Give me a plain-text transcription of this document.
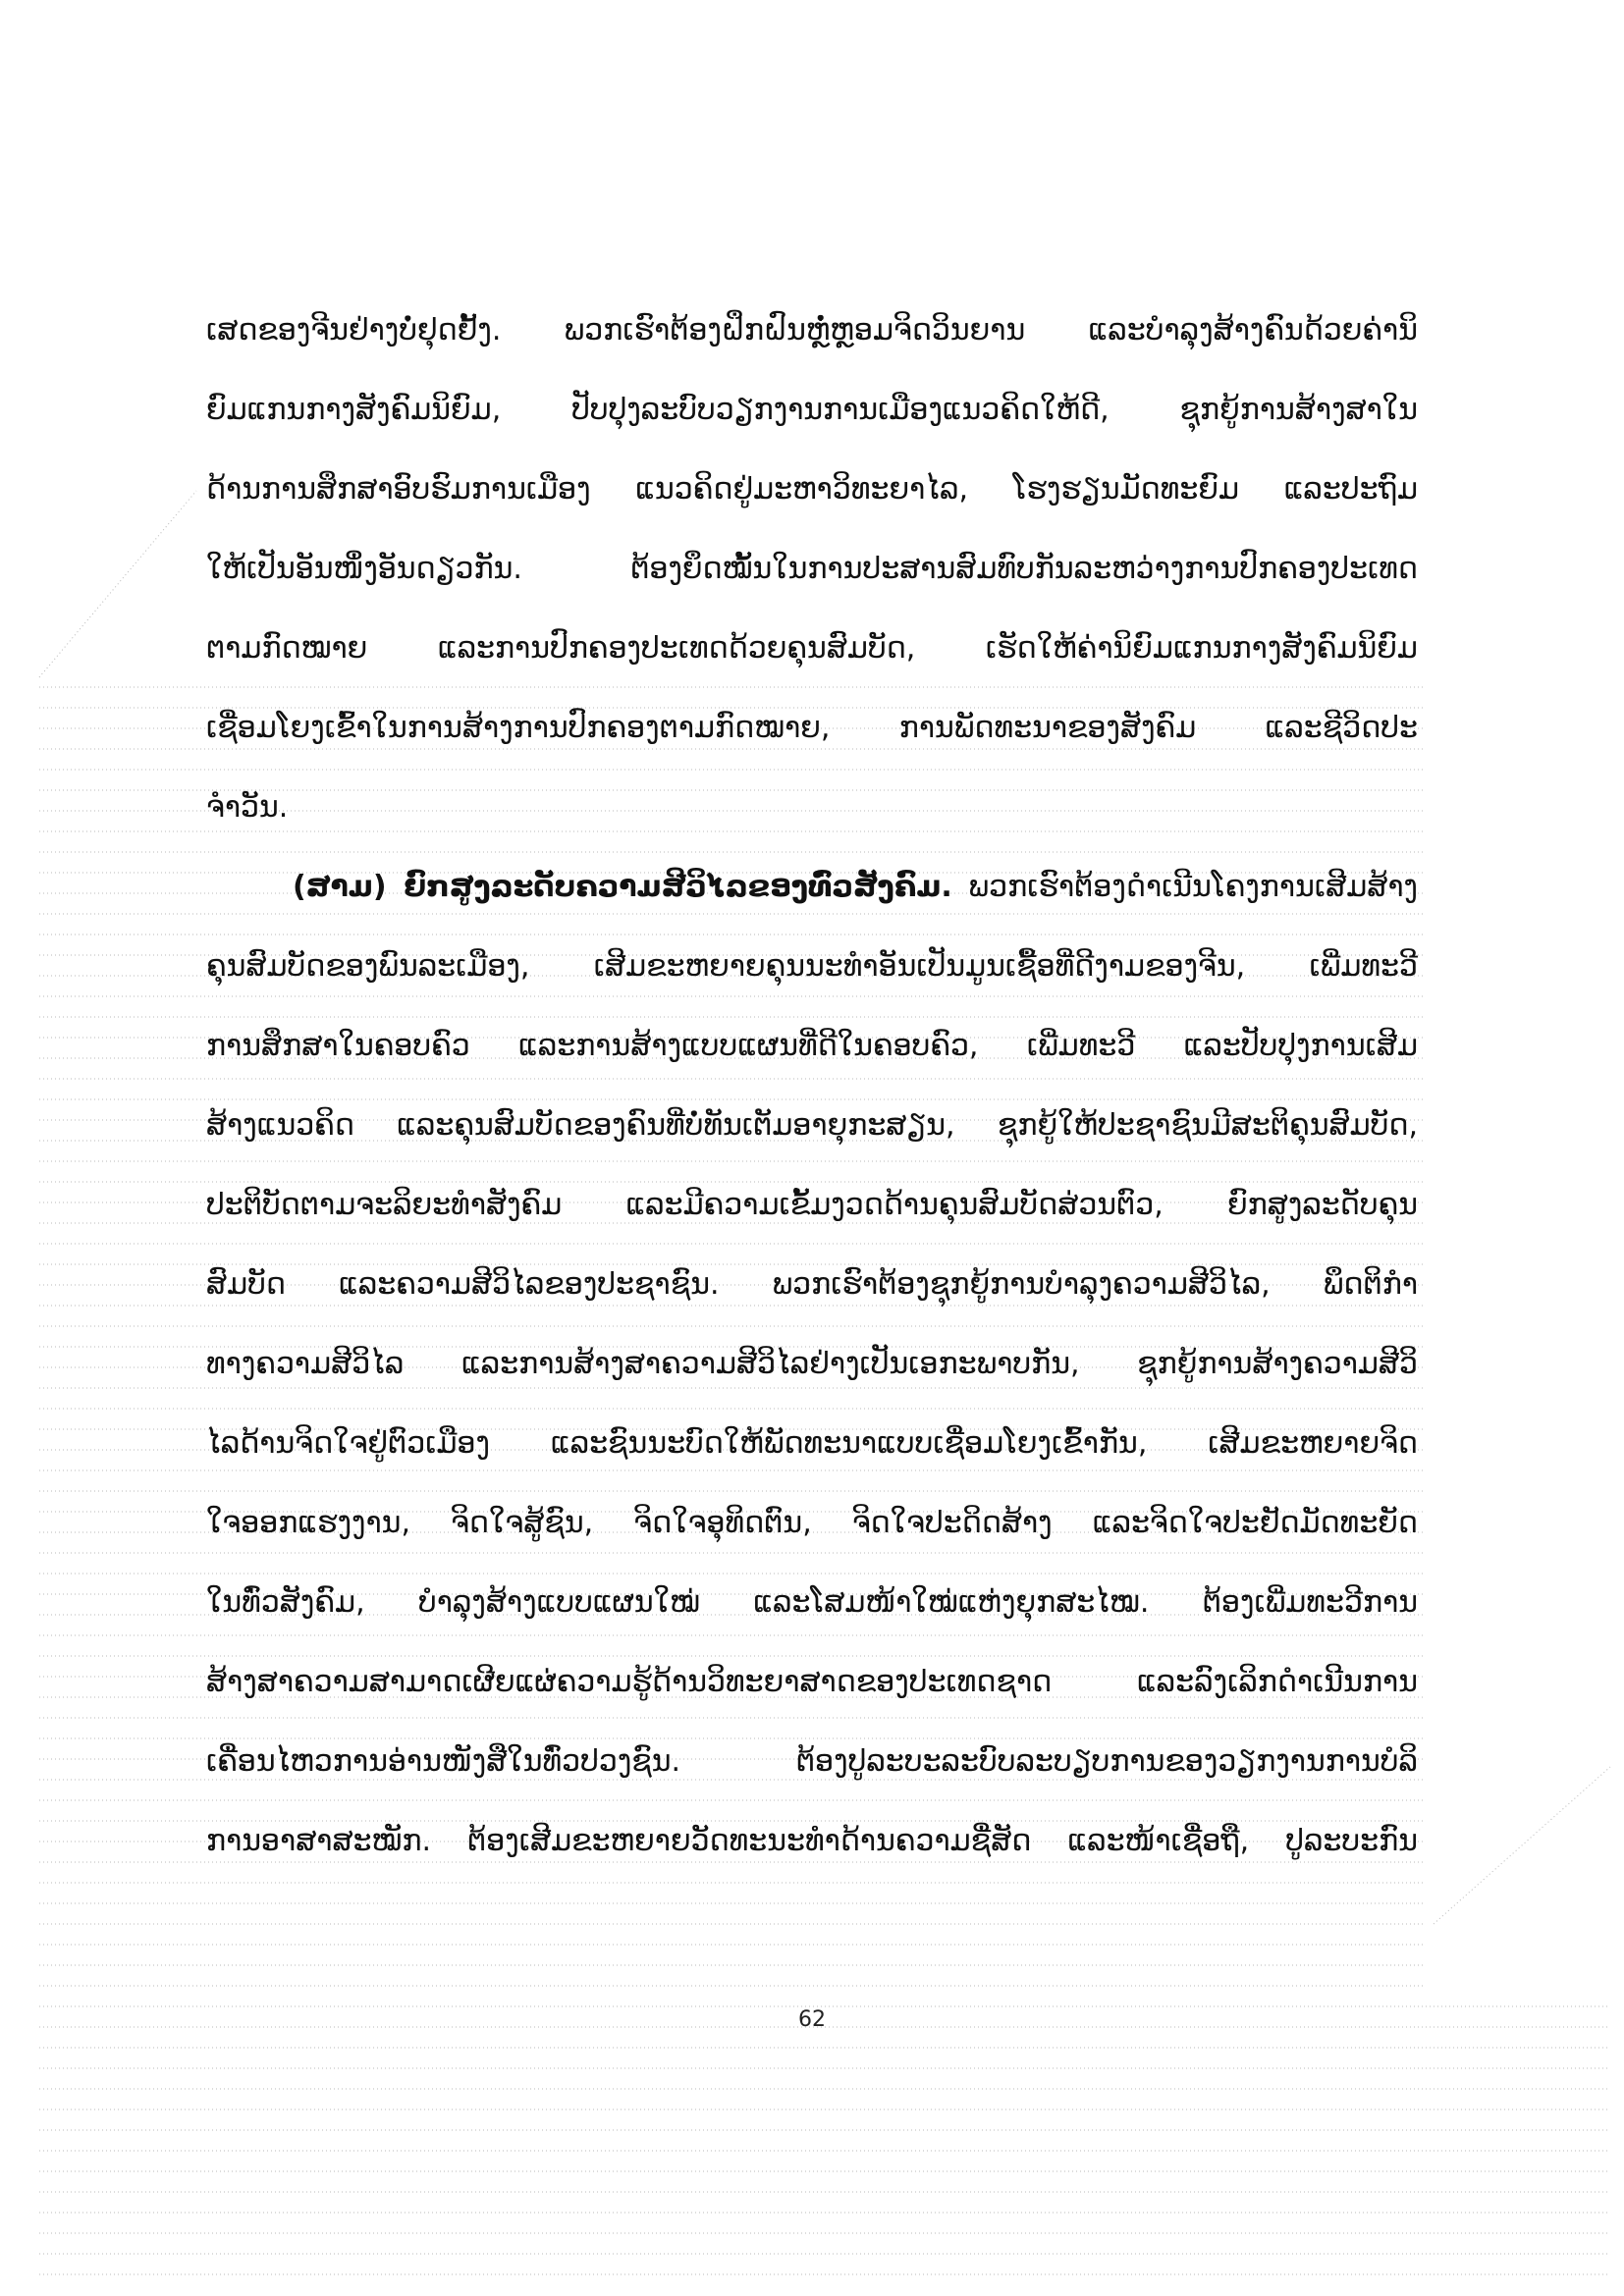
ເສດຂອງຈີນຢ່າງບໍ່ຢຸດຢັ້ງ. ພວກເຮົາຕ້ອງຝຶກຝົນຫຼໍ່ຫຼອມຈິດວິນຍານ ແລະບຳລຸງສ້າງຄົນດ້ວຍຄ່ານິ
ຍົມແກນກາງສັງຄົມນິຍົມ, ປັບປຸງລະບົບວຽກງານການເມືອງແນວຄິດໃຫ້ດີ, ຊຸກຍູ້ການສ້າງສາໃນ
ດ້ານການສຶກສາອົບຮົມການເມືອງ ແນວຄິດຢູ່ມະຫາວິທະຍາໄລ, ໂຮງຮຽນມັດທະຍົມ ແລະປະຖົມ
ໃຫ້ເປັນອັນໜຶ່ງອັນດຽວກັນ. ຕ້ອງຍຶດໝັ້ນໃນການປະສານສົມທົບກັນລະຫວ່າງການປົກຄອງປະເທດ
ຕາມກົດໝາຍ ແລະການປົກຄອງປະເທດດ້ວຍຄຸນສົມບັດ, ເຮັດໃຫ້ຄ່ານິຍົມແກນກາງສັງຄົມນິຍົມ
ເຊື່ອມໂຍງເຂົ້າໃນການສ້າງການປົກຄອງຕາມກົດໝາຍ, ການພັດທະນາຂອງສັງຄົມ ແລະຊີວິດປະ
ຈຳວັນ.
(ສາມ) ຍົກສູງລະດັບຄວາມສີວິໄລຂອງທົ່ວສັງຄົມ. ພວກເຮົາຕ້ອງດຳເນີນໂຄງການເສີມສ້າງ
ຄຸນສົມບັດຂອງພົນລະເມືອງ, ເສີມຂະຫຍາຍຄຸນນະທຳອັນເປັນມູນເຊື້ອທີ່ດີງາມຂອງຈີນ, ເພີ່ມທະວີ
ການສຶກສາໃນຄອບຄົວ ແລະການສ້າງແບບແຜນທີ່ດີໃນຄອບຄົວ, ເພີ່ມທະວີ ແລະປັບປຸງການເສີມ
ສ້າງແນວຄິດ ແລະຄຸນສົມບັດຂອງຄົນທີ່ບໍ່ທັນເຕັມອາຍຸກະສຽນ, ຊຸກຍູ້ໃຫ້ປະຊາຊົນມີສະຕິຄຸນສົມບັດ,
ປະຕິບັດຕາມຈະລິຍະທຳສັງຄົມ ແລະມີຄວາມເຂັ້ມງວດດ້ານຄຸນສົມບັດສ່ວນຕົວ, ຍົກສູງລະດັບຄຸນ
ສົມບັດ ແລະຄວາມສີວິໄລຂອງປະຊາຊົນ. ພວກເຮົາຕ້ອງຊຸກຍູ້ການບຳລຸງຄວາມສີວິໄລ, ພຶດຕິກຳ
ທາງຄວາມສີວິໄລ ແລະການສ້າງສາຄວາມສີວິໄລຢ່າງເປັນເອກະພາບກັນ, ຊຸກຍູ້ການສ້າງຄວາມສີວິ
ໄລດ້ານຈິດໃຈຢູ່ຕົວເມືອງ ແລະຊົນນະບົດໃຫ້ພັດທະນາແບບເຊື່ອມໂຍງເຂົ້າກັນ, ເສີມຂະຫຍາຍຈິດ
ໃຈອອກແຮງງານ, ຈິດໃຈສູ້ຊົນ, ຈິດໃຈອຸທິດຕົນ, ຈິດໃຈປະດິດສ້າງ ແລະຈິດໃຈປະຢັດມັດທະຍັດ
ໃນທົ່ວສັງຄົມ, ບຳລຸງສ້າງແບບແຜນໃໝ່ ແລະໂສມໜ້າໃໝ່ແຫ່ງຍຸກສະໄໝ. ຕ້ອງເພີ່ມທະວີການ
ສ້າງສາຄວາມສາມາດເຜີຍແຜ່ຄວາມຮູ້ດ້ານວິທະຍາສາດຂອງປະເທດຊາດ ແລະລົງເລິກດຳເນີນການ
ເຄື່ອນໄຫວການອ່ານໜັງສືໃນທົ່ວປວງຊົນ. ຕ້ອງປູລະບະລະບົບລະບຽບການຂອງວຽກງານການບໍລິ
ການອາສາສະໝັກ. ຕ້ອງເສີມຂະຫຍາຍວັດທະນະທຳດ້ານຄວາມຊື່ສັດ ແລະໜ້າເຊື່ອຖື, ປູລະບະກົນ
62
